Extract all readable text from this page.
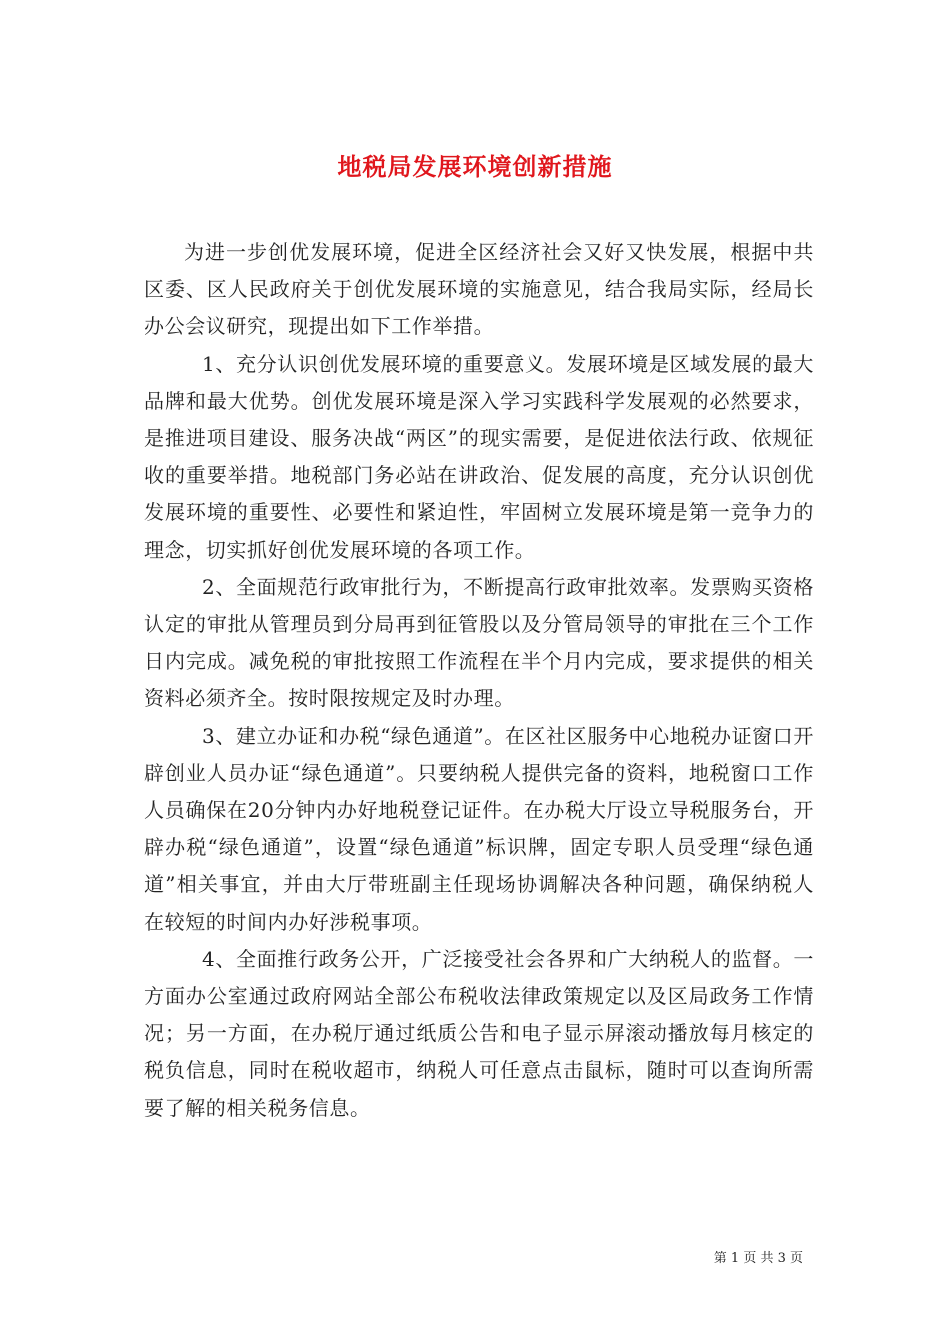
地税局发展环境创新措施

为进一步创优发展环境，促进全区经济社会又好又快发展，根据中共区委、区人民政府关于创优发展环境的实施意见，结合我局实际，经局长办公会议研究，现提出如下工作举措。

1、充分认识创优发展环境的重要意义。发展环境是区域发展的最大品牌和最大优势。创优发展环境是深入学习实践科学发展观的必然要求，是推进项目建设、服务决战“两区”的现实需要，是促进依法行政、依规征收的重要举措。地税部门务必站在讲政治、促发展的高度，充分认识创优发展环境的重要性、必要性和紧迫性，牢固树立发展环境是第一竞争力的理念，切实抓好创优发展环境的各项工作。

2、全面规范行政审批行为，不断提高行政审批效率。发票购买资格认定的审批从管理员到分局再到征管股以及分管局领导的审批在三个工作日内完成。减免税的审批按照工作流程在半个月内完成，要求提供的相关资料必须齐全。按时限按规定及时办理。

3、建立办证和办税“绿色通道”。在区社区服务中心地税办证窗口开辟创业人员办证“绿色通道”。只要纳税人提供完备的资料，地税窗口工作人员确保在20分钟内办好地税登记证件。在办税大厅设立导税服务台，开辟办税“绿色通道”，设置“绿色通道”标识牌，固定专职人员受理“绿色通道”相关事宜，并由大厅带班副主任现场协调解决各种问题，确保纳税人在较短的时间内办好涉税事项。

4、全面推行政务公开，广泛接受社会各界和广大纳税人的监督。一方面办公室通过政府网站全部公布税收法律政策规定以及区局政务工作情况；另一方面，在办税厅通过纸质公告和电子显示屏滚动播放每月核定的税负信息，同时在税收超市，纳税人可任意点击鼠标，随时可以查询所需要了解的相关税务信息。

第 1 页 共 3 页
